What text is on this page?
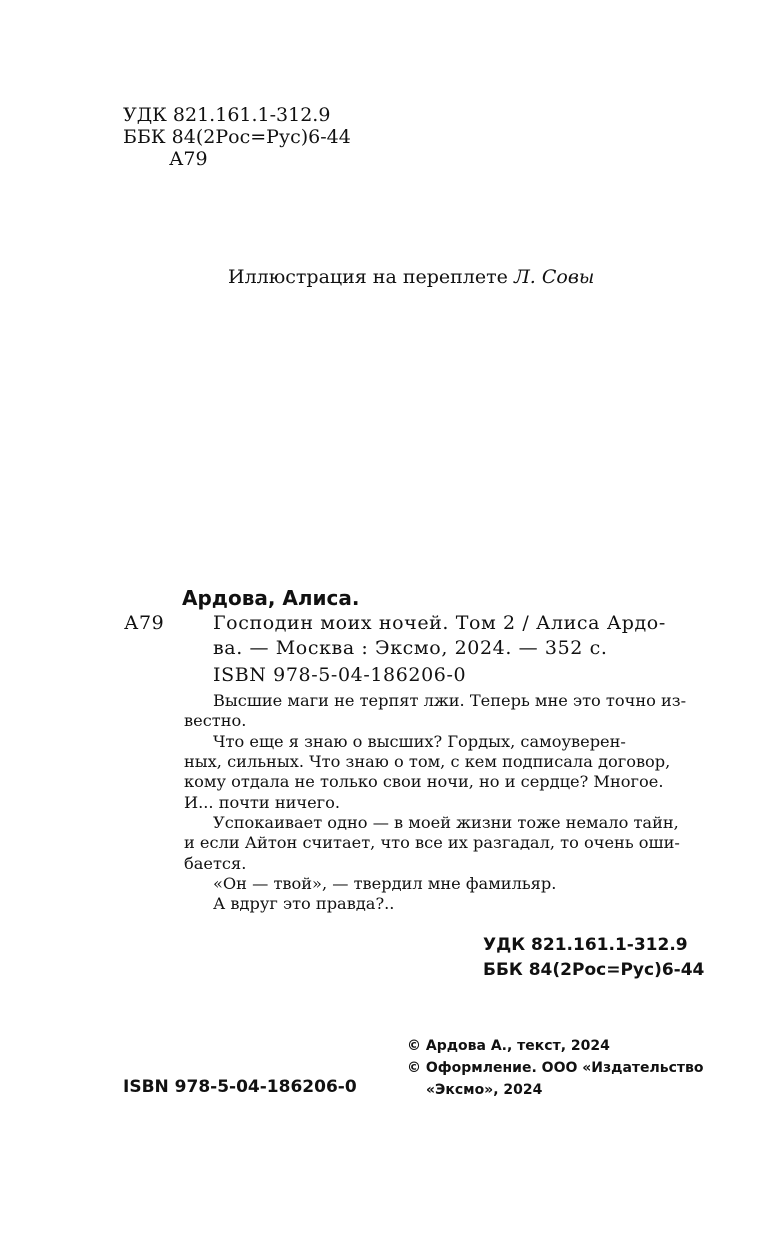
УДК 821.161.1-312.9
ББК 84(2Рос=Рус)6-44
А79
Иллюстрация на переплете Л. Совы
Ардова, Алиса.
А79	Господин моих ночей. Том 2 / Алиса Ардо-
ва. — Москва : Эксмо, 2024. — 352 с.
ISBN 978-5-04-186206-0
Высшие маги не терпят лжи. Теперь мне это точно из-
вестно.
Что еще я знаю о высших? Гордых, самоуверен-
ных, сильных. Что знаю о том, с кем подписала договор,
кому отдала не только свои ночи, но и сердце? Многое.
И... почти ничего.
Успокаивает одно — в моей жизни тоже немало тайн,
и если Айтон считает, что все их разгадал, то очень оши-
бается.
«Он — твой», — твердил мне фамильяр.
А вдруг это правда?..
УДК 821.161.1-312.9
ББК 84(2Рос=Рус)6-44
© Ардова А., текст, 2024
© Оформление. ООО «Издательство
«Эксмо», 2024
ISBN 978-5-04-186206-0
